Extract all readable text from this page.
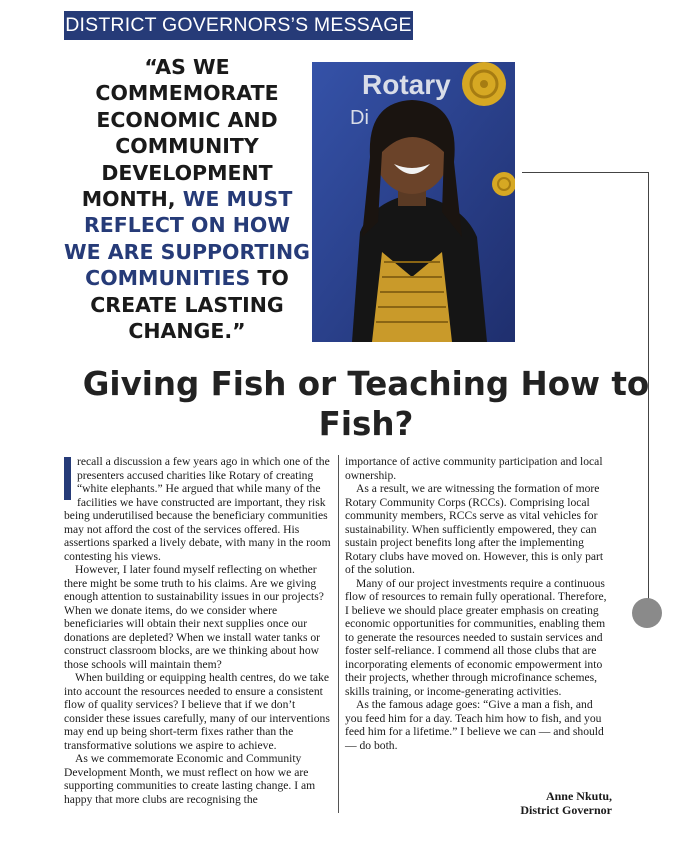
DISTRICT GOVERNORS’S MESSAGE
“AS WE COMMEMORATE ECONOMIC AND COMMUNITY DEVELOPMENT MONTH, WE MUST REFLECT ON HOW WE ARE SUPPORTING COMMUNITIES TO CREATE LASTING CHANGE.”
Rotary
Di
Giving Fish or Teaching How to Fish?

recall a discussion a few years ago in which one of the presenters accused charities like Rotary of creating “white elephants.” He argued that while many of the facilities we have constructed are important, they risk being underutilised because the beneficiary communities may not afford the cost of the services offered. His assertions sparked a lively debate, with many in the room contesting his views.

However, I later found myself reflecting on whether there might be some truth to his claims. Are we giving enough attention to sustainability issues in our projects? When we donate items, do we consider where beneficiaries will obtain their next supplies once our donations are depleted? When we install water tanks or construct classroom blocks, are we thinking about how those schools will maintain them?

When building or equipping health centres, do we take into account the resources needed to ensure a consistent flow of quality services? I believe that if we don’t consider these issues carefully, many of our interventions may end up being short-term fixes rather than the transformative solutions we aspire to achieve.

As we commemorate Economic and Community Development Month, we must reflect on how we are supporting communities to create lasting change. I am happy that more clubs are recognising the

importance of active community participation and local ownership.

As a result, we are witnessing the formation of more Rotary Community Corps (RCCs). Comprising local community members, RCCs serve as vital vehicles for sustainability. When sufficiently empowered, they can sustain project benefits long after the implementing Rotary clubs have moved on. However, this is only part of the solution.

Many of our project investments require a continuous flow of resources to remain fully operational. Therefore, I believe we should place greater emphasis on creating economic opportunities for communities, enabling them to generate the resources needed to sustain services and foster self-reliance. I commend all those clubs that are incorporating elements of economic empowerment into their projects, whether through microfinance schemes, skills training, or income-generating activities.

As the famous adage goes: “Give a man a fish, and you feed him for a day. Teach him how to fish, and you feed him for a lifetime.” I believe we can — and should — do both.

Anne Nkutu,
District Governor
